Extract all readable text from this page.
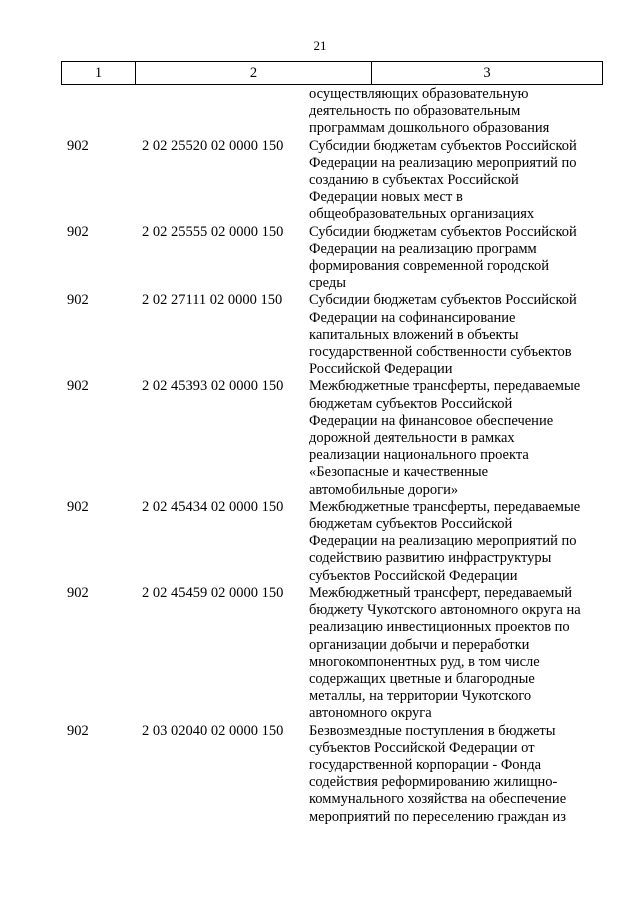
21
1	2	3
осуществляющих образовательную
деятельность по образовательным
программам дошкольного образования
902	2 02 25520 02 0000 150 Субсидии бюджетам субъектов Российской
Федерации на реализацию мероприятий по
созданию в субъектах Российской
Федерации новых мест в
общеобразовательных организациях
902	2 02 25555 02 0000 150 Субсидии бюджетам субъектов Российской
Федерации на реализацию программ
формирования современной городской
среды
902	2 02 27111 02 0000 150 Субсидии бюджетам субъектов Российской
Федерации на софинансирование
капитальных вложений в объекты
государственной собственности субъектов
Российской Федерации
902	2 02 45393 02 0000 150 Межбюджетные трансферты, передаваемые
бюджетам субъектов Российской
Федерации на финансовое обеспечение
дорожной деятельности в рамках
реализации национального проекта
«Безопасные и качественные
автомобильные дороги»
902	2 02 45434 02 0000 150 Межбюджетные трансферты, передаваемые
бюджетам субъектов Российской
Федерации на реализацию мероприятий по
содействию развитию инфраструктуры
субъектов Российской Федерации
902	2 02 45459 02 0000 150 Межбюджетный трансферт, передаваемый
бюджету Чукотского автономного округа на
реализацию инвестиционных проектов по
организации добычи и переработки
многокомпонентных руд, в том числе
содержащих цветные и благородные
металлы, на территории Чукотского
автономного округа
902	2 03 02040 02 0000 150 Безвозмездные поступления в бюджеты
субъектов Российской Федерации от
государственной корпорации - Фонда
содействия реформированию жилищно-
коммунального хозяйства на обеспечение
мероприятий по переселению граждан из
